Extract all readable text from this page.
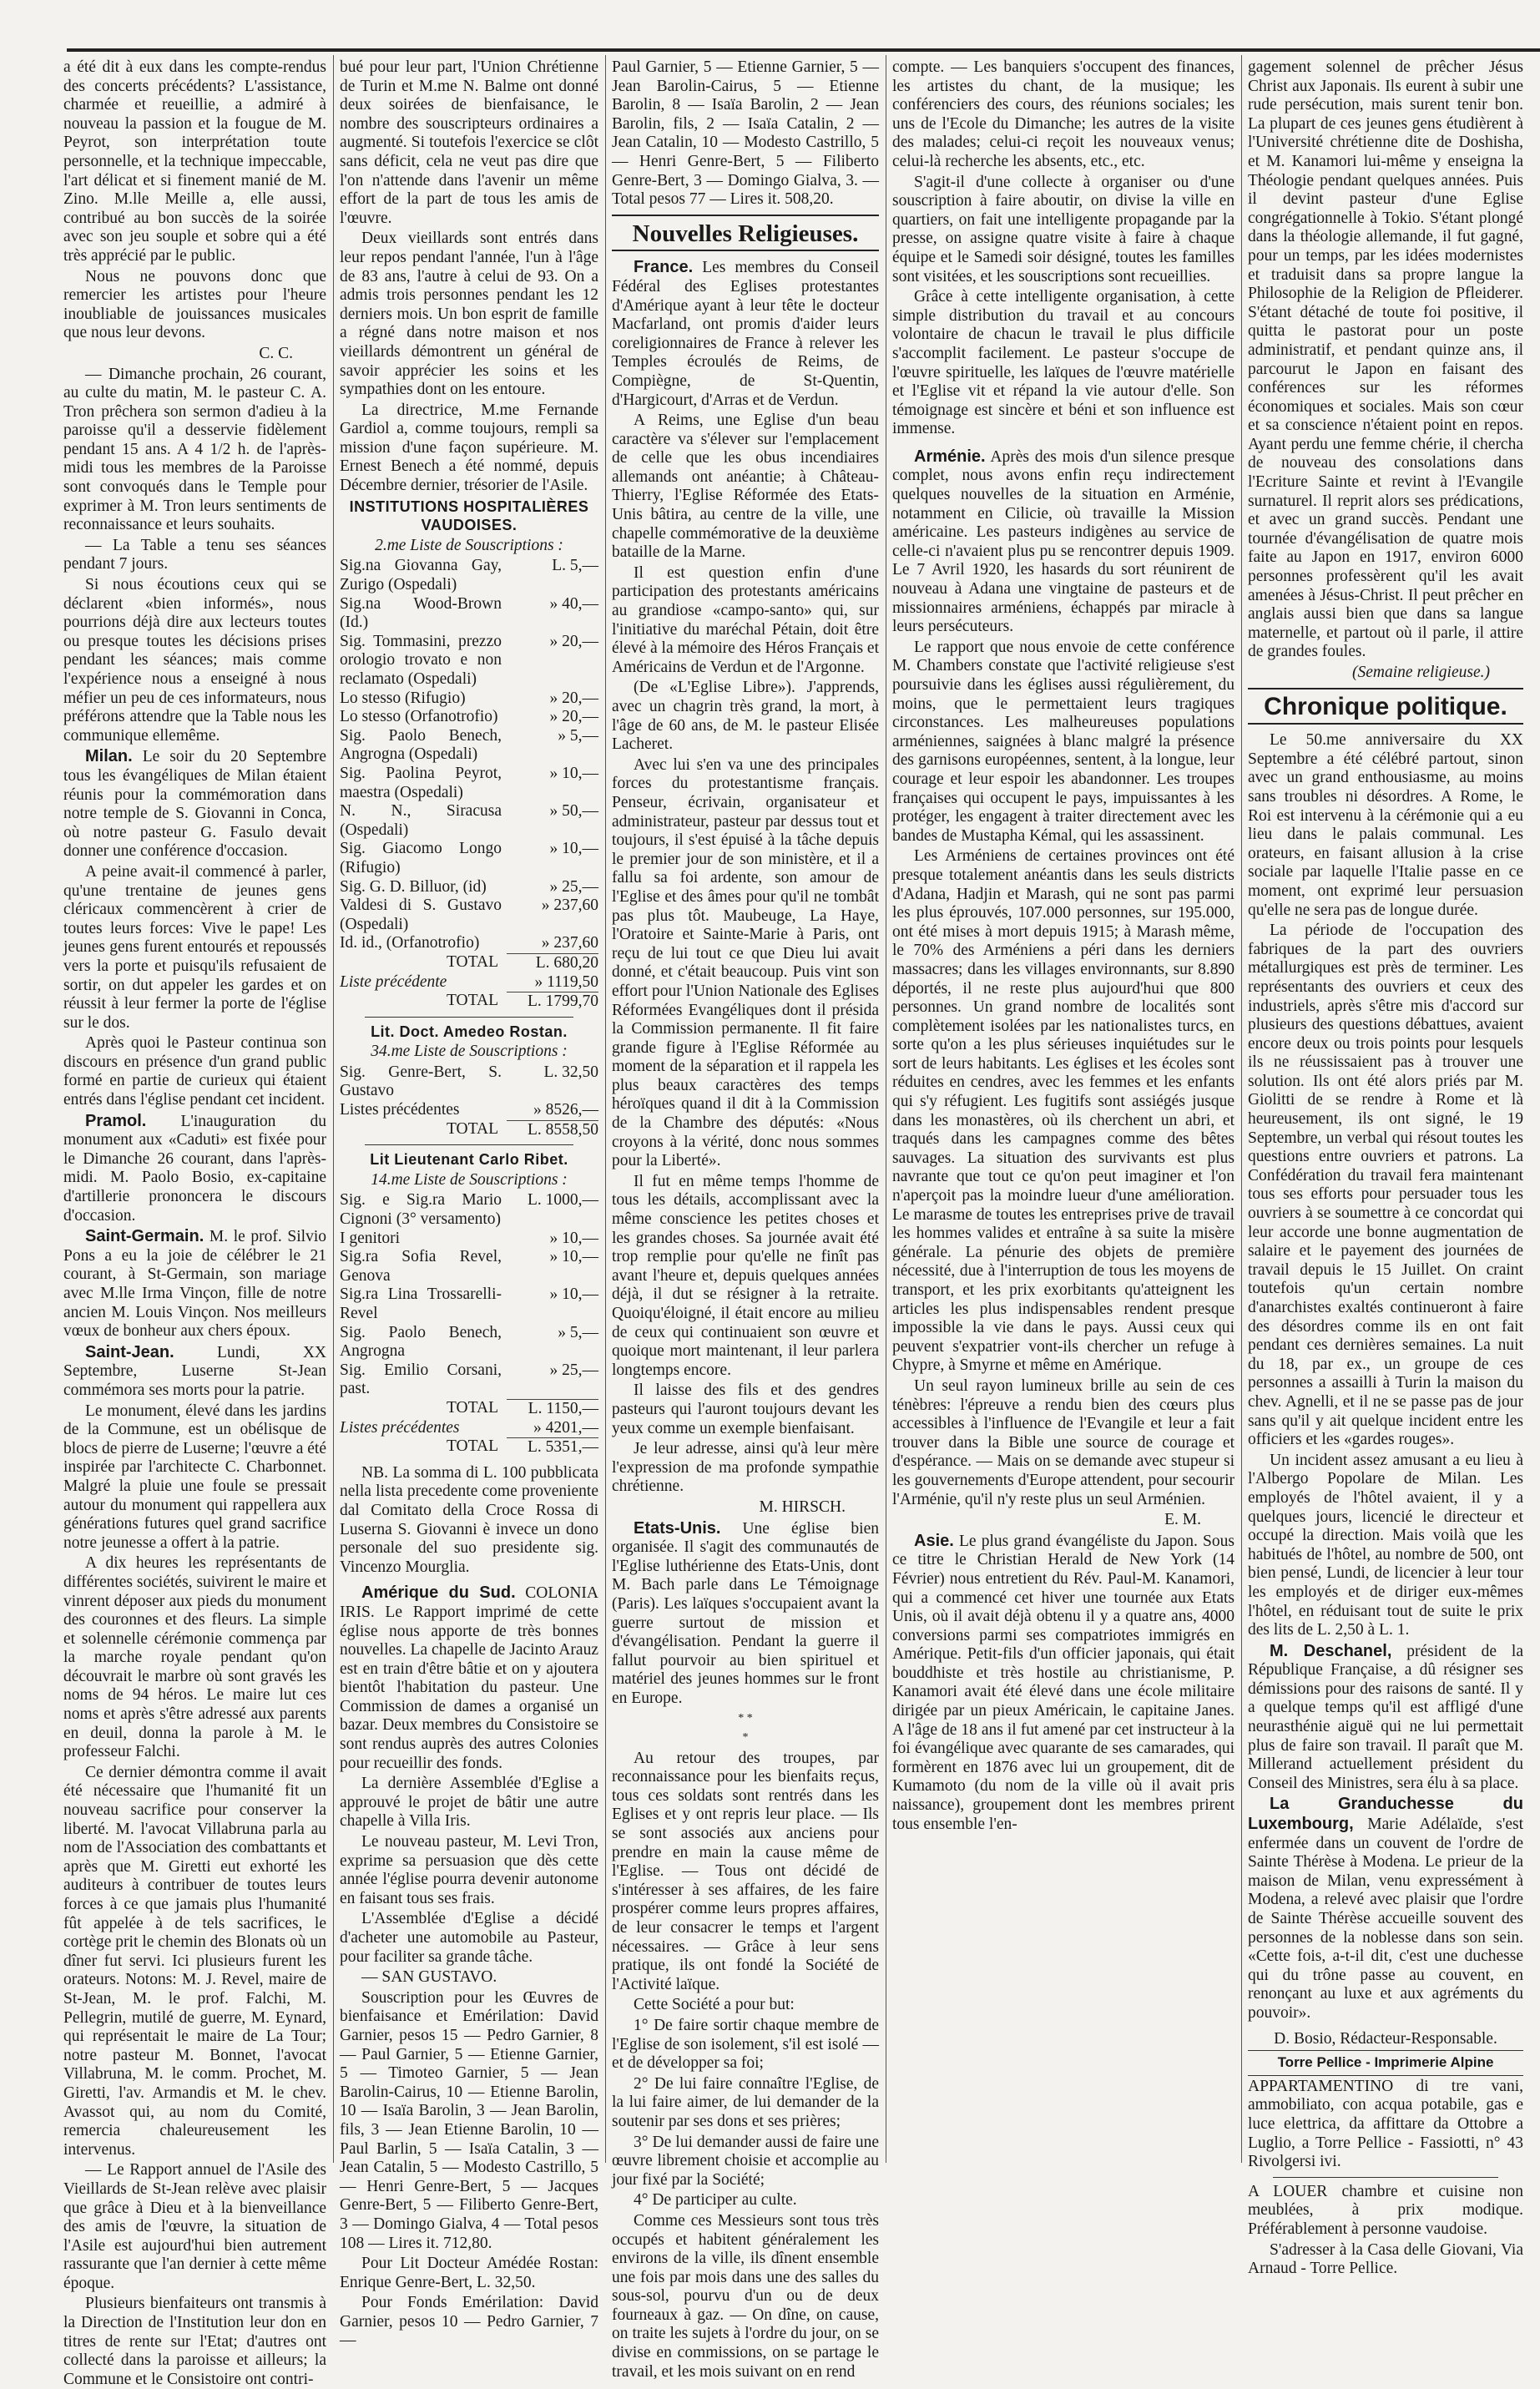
a été dit à eux dans les compte-rendus des concerts précédents? L'assistance, charmée et reueillie, a admiré à nouveau la passion et la fougue de M. Peyrot, son interprétation toute personnelle, et la technique impeccable, l'art délicat et si finement manié de M. Zino. M.lle Meille a, elle aussi, contribué au bon succès de la soirée avec son jeu souple et sobre qui a été très apprécié par le public.

Nous ne pouvons donc que remercier les artistes pour l'heure inoubliable de jouissances musicales que nous leur devons.

C. C.

— Dimanche prochain, 26 courant, au culte du matin, M. le pasteur C. A. Tron prêchera son sermon d'adieu à la paroisse qu'il a desservie fidèlement pendant 15 ans. A 4 1/2 h. de l'après-midi tous les membres de la Paroisse sont convoqués dans le Temple pour exprimer à M. Tron leurs sentiments de reconnaissance et leurs souhaits.

— La Table a tenu ses séances pendant 7 jours.

Si nous écoutions ceux qui se déclarent «bien informés», nous pourrions déjà dire aux lecteurs toutes ou presque toutes les décisions prises pendant les séances; mais comme l'expérience nous a enseigné à nous méfier un peu de ces informateurs, nous préférons attendre que la Table nous les communique ellemême.

Milan. Le soir du 20 Septembre tous les évangéliques de Milan étaient réunis pour la commémoration dans notre temple de S. Giovanni in Conca, où notre pasteur G. Fasulo devait donner une conférence d'occasion.

A peine avait-il commencé à parler, qu'une trentaine de jeunes gens cléricaux commencèrent à crier de toutes leurs forces: Vive le pape! Les jeunes gens furent entourés et repoussés vers la porte et puisqu'ils refusaient de sortir, on dut appeler les gardes et on réussit à leur fermer la porte de l'église sur le dos.

Après quoi le Pasteur continua son discours en présence d'un grand public formé en partie de curieux qui étaient entrés dans l'église pendant cet incident.

Pramol. L'inauguration du monument aux «Caduti» est fixée pour le Dimanche 26 courant, dans l'après-midi. M. Paolo Bosio, ex-capitaine d'artillerie prononcera le discours d'occasion.

Saint-Germain. M. le prof. Silvio Pons a eu la joie de célébrer le 21 courant, à St-Germain, son mariage avec M.lle Irma Vinçon, fille de notre ancien M. Louis Vinçon. Nos meilleurs vœux de bonheur aux chers époux.

Saint-Jean.	Lundi, XX Septembre, Luserne St-Jean commémora ses morts pour la patrie.

Le monument, élevé dans les jardins de la Commune, est un obélisque de blocs de pierre de Luserne; l'œuvre a été inspirée par l'architecte C. Charbonnet. Malgré la pluie une foule se pressait autour du monument qui rappellera aux générations futures quel grand sacrifice notre jeunesse a offert à la patrie.

A dix heures les représentants de différentes sociétés, suivirent le maire et vinrent déposer aux pieds du monument des couronnes et des fleurs. La simple et solennelle cérémonie commença par la marche royale pendant qu'on découvrait le marbre où sont gravés les noms de 94 héros. Le maire lut ces noms et après s'être adressé aux parents en deuil, donna la parole à M. le professeur Falchi.

Ce dernier démontra comme il avait été nécessaire que l'humanité fit un nouveau sacrifice pour conserver la liberté. M. l'avocat Villabruna parla au nom de l'Association des combattants et après que M. Giretti eut exhorté les auditeurs à contribuer de toutes leurs forces à ce que jamais plus l'humanité fût appelée à de tels sacrifices, le cortège prit le chemin des Blonats où un dîner fut servi. Ici plusieurs furent les orateurs. Notons: M. J. Revel, maire de St-Jean, M. le prof. Falchi, M. Pellegrin, mutilé de guerre, M. Eynard, qui représentait le maire de La Tour; notre pasteur M. Bonnet, l'avocat Villabruna, M. le comm. Prochet, M. Giretti, l'av. Armandis et M. le chev. Avassot qui, au nom du Comité, remercia chaleureusement les intervenus.

— Le Rapport annuel de l'Asile des Vieillards de St-Jean relève avec plaisir que grâce à Dieu et à la bienveillance des amis de l'œuvre, la situation de l'Asile est aujourd'hui bien autrement rassurante que l'an dernier à cette même époque.

Plusieurs bienfaiteurs ont transmis à la Direction de l'Institution leur don en titres de rente sur l'Etat; d'autres ont collecté dans la paroisse et ailleurs; la Commune et le Consistoire ont contri-

bué pour leur part, l'Union Chrétienne de Turin et M.me N. Balme ont donné deux soirées de bienfaisance, le nombre des souscripteurs ordinaires a augmenté. Si toutefois l'exercice se clôt sans déficit, cela ne veut pas dire que l'on n'attende dans l'avenir un même effort de la part de tous les amis de l'œuvre.

Deux vieillards sont entrés dans leur repos pendant l'année, l'un à l'âge de 83 ans, l'autre à celui de 93. On a admis trois personnes pendant les 12 derniers mois. Un bon esprit de famille a régné dans notre maison et nos vieillards démontrent un général de savoir apprécier les soins et les sympathies dont on les entoure.

La directrice, M.me Fernande Gardiol a, comme toujours, rempli sa mission d'une façon supérieure. M. Ernest Benech a été nommé, depuis Décembre dernier, trésorier de l'Asile.

INSTITUTIONS HOSPITALIÈRES VAUDOISES.

2.me Liste de Souscriptions :

Sig.na Giovanna Gay, Zurigo (Ospedali)
L. 5,—
Sig.na Wood-Brown (Id.)
» 40,—
Sig. Tommasini, prezzo orologio trovato e non reclamato (Ospedali)
» 20,—
Lo stesso (Rifugio)	» 20,—
Lo stesso (Orfanotrofio)	» 20,—
Sig. Paolo Benech, Angrogna (Ospedali)
» 5,—
Sig. Paolina Peyrot, maestra (Ospedali)
» 10,—
N. N., Siracusa (Ospedali)
» 50,—
Sig. Giacomo Longo (Rifugio)
» 10,—
Sig. G. D. Billuor, (id)	» 25,—
Valdesi di S. Gustavo (Ospedali)
» 237,60
Id. id., (Orfanotrofio)	» 237,60
TOTAL	L. 680,20
Liste précédente	» 1119,50
TOTAL	L. 1799,70

Lit. Doct. Amedeo Rostan.

34.me Liste de Souscriptions :

Sig. Genre-Bert, S. Gustavo
L. 32,50
Listes précédentes	» 8526,—
TOTAL	L. 8558,50

Lit Lieutenant Carlo Ribet.

14.me Liste de Souscriptions :

Sig. e Sig.ra Mario Cignoni (3° versamento)
L. 1000,—
I genitori	» 10,—
Sig.ra Sofia Revel, Genova
» 10,—
Sig.ra Lina Trossarelli-Revel
» 10,—
Sig. Paolo Benech, Angrogna
» 5,—
Sig. Emilio Corsani, past.
» 25,—
TOTAL	L. 1150,—
Listes précédentes	» 4201,—
TOTAL	L. 5351,—

NB. La somma di L. 100 pubblicata nella lista precedente come proveniente dal Comitato della Croce Rossa di Luserna S. Giovanni è invece un dono personale del suo presidente sig. Vincenzo Mourglia.

Amérique du Sud. COLONIA IRIS. Le Rapport imprimé de cette église nous apporte de très bonnes nouvelles. La chapelle de Jacinto Arauz est en train d'être bâtie et on y ajoutera bientôt l'habitation du pasteur. Une Commission de dames a organisé un bazar. Deux membres du Consistoire se sont rendus auprès des autres Colonies pour recueillir des fonds.

La dernière Assemblée d'Eglise a approuvé le projet de bâtir une autre chapelle à Villa Iris.

Le nouveau pasteur, M. Levi Tron, exprime sa persuasion que dès cette année l'église pourra devenir autonome en faisant tous ses frais.

L'Assemblée d'Eglise a décidé d'acheter une automobile au Pasteur, pour faciliter sa grande tâche.

— SAN GUSTAVO.

Souscription pour les Œuvres de bienfaisance et Emérilation: David Garnier, pesos 15 — Pedro Garnier, 8 — Paul Garnier, 5 — Etienne Garnier, 5 — Timoteo Garnier, 5 — Jean Barolin-Cairus, 10 — Etienne Barolin, 10 — Isaïa Barolin, 3 — Jean Barolin, fils, 3 — Jean Etienne Barolin, 10 — Paul Barlin, 5 — Isaïa Catalin, 3 — Jean Catalin, 5 — Modesto Castrillo, 5 — Henri Genre-Bert, 5 — Jacques Genre-Bert, 5 — Filiberto Genre-Bert, 3 — Domingo Gialva, 4 — Total pesos 108 — Lires it. 712,80.

Pour Lit Docteur Amédée Rostan: Enrique Genre-Bert, L. 32,50.

Pour Fonds Emérilation: David Garnier, pesos 10 — Pedro Garnier, 7 —

Paul Garnier, 5 — Etienne Garnier, 5 — Jean Barolin-Cairus, 5 — Etienne Barolin, 8 — Isaïa Barolin, 2 — Jean Barolin, fils, 2 — Isaïa Catalin, 2 — Jean Catalin, 10 — Modesto Castrillo, 5 — Henri Genre-Bert, 5 — Filiberto Genre-Bert, 3 — Domingo Gialva, 3. — Total pesos 77 — Lires it. 508,20.

Nouvelles Religieuses.

France. Les membres du Conseil Fédéral des Eglises protestantes d'Amérique ayant à leur tête le docteur Macfarland, ont promis d'aider leurs coreligionnaires de France à relever les Temples écroulés de Reims, de Compiègne, de St-Quentin, d'Hargicourt, d'Arras et de Verdun.

A Reims, une Eglise d'un beau caractère va s'élever sur l'emplacement de celle que les obus incendiaires allemands ont anéantie; à Château-Thierry, l'Eglise Réformée des Etats-Unis bâtira, au centre de la ville, une chapelle commémorative de la deuxième bataille de la Marne.

Il est question enfin d'une participation des protestants américains au grandiose «campo-santo» qui, sur l'initiative du maréchal Pétain, doit être élevé à la mémoire des Héros Français et Américains de Verdun et de l'Argonne.

(De «L'Eglise Libre»). J'apprends, avec un chagrin très grand, la mort, à l'âge de 60 ans, de M. le pasteur Elisée Lacheret.

Avec lui s'en va une des principales forces du protestantisme français. Penseur, écrivain, organisateur et administrateur, pasteur par dessus tout et toujours, il s'est épuisé à la tâche depuis le premier jour de son ministère, et il a fallu sa foi ardente, son amour de l'Eglise et des âmes pour qu'il ne tombât pas plus tôt. Maubeuge, La Haye, l'Oratoire et Sainte-Marie à Paris, ont reçu de lui tout ce que Dieu lui avait donné, et c'était beaucoup. Puis vint son effort pour l'Union Nationale des Eglises Réformées Evangéliques dont il présida la Commission permanente. Il fit faire grande figure à l'Eglise Réformée au moment de la séparation et il rappela les plus beaux caractères des temps héroïques quand il dit à la Commission de la Chambre des députés: «Nous croyons à la vérité, donc nous sommes pour la Liberté».

Il fut en même temps l'homme de tous les détails, accomplissant avec la même conscience les petites choses et les grandes choses. Sa journée avait été trop remplie pour qu'elle ne finît pas avant l'heure et, depuis quelques années déjà, il dut se résigner à la retraite. Quoiqu'éloigné, il était encore au milieu de ceux qui continuaient son œuvre et quoique mort maintenant, il leur parlera longtemps encore.

Il laisse des fils et des gendres pasteurs qui l'auront toujours devant les yeux comme un exemple bienfaisant.

Je leur adresse, ainsi qu'à leur mère l'expression de ma profonde sympathie chrétienne.

M. HIRSCH.

Etats-Unis. Une église bien organisée. Il s'agit des communautés de l'Eglise luthérienne des Etats-Unis, dont M. Bach parle dans Le Témoignage (Paris). Les laïques s'occupaient avant la guerre surtout de mission et d'évangélisation. Pendant la guerre il fallut pourvoir au bien spirituel et matériel des jeunes hommes sur le front en Europe.

* *
*

Au retour des troupes, par reconnaissance pour les bienfaits reçus, tous ces soldats sont rentrés dans les Eglises et y ont repris leur place. — Ils se sont associés aux anciens pour prendre en main la cause même de l'Eglise. — Tous ont décidé de s'intéresser à ses affaires, de les faire prospérer comme leurs propres affaires, de leur consacrer le temps et l'argent nécessaires. — Grâce à leur sens pratique, ils ont fondé la Société de l'Activité laïque.

Cette Société a pour but:

1° De faire sortir chaque membre de l'Eglise de son isolement, s'il est isolé — et de développer sa foi;

2° De lui faire connaître l'Eglise, de la lui faire aimer, de lui demander de la soutenir par ses dons et ses prières;

3° De lui demander aussi de faire une œuvre librement choisie et accomplie au jour fixé par la Société;

4° De participer au culte.

Comme ces Messieurs sont tous très occupés et habitent généralement les environs de la ville, ils dînent ensemble une fois par mois dans une des salles du sous-sol, pourvu d'un ou de deux fourneaux à gaz. — On dîne, on cause, on traite les sujets à l'ordre du jour, on se divise en commissions, on se partage le travail, et les mois suivant on en rend

compte. — Les banquiers s'occupent des finances, les artistes du chant, de la musique; les conférenciers des cours, des réunions sociales; les uns de l'Ecole du Dimanche; les autres de la visite des malades; celui-ci reçoit les nouveaux venus; celui-là recherche les absents, etc., etc.

S'agit-il d'une collecte à organiser ou d'une souscription à faire aboutir, on divise la ville en quartiers, on fait une intelligente propagande par la presse, on assigne quatre visite à faire à chaque équipe et le Samedi soir désigné, toutes les familles sont visitées, et les souscriptions sont recueillies.

Grâce à cette intelligente organisation, à cette simple distribution du travail et au concours volontaire de chacun le travail le plus difficile s'accomplit facilement. Le pasteur s'occupe de l'œuvre spirituelle, les laïques de l'œuvre matérielle et l'Eglise vit et répand la vie autour d'elle. Son témoignage est sincère et béni et son influence est immense.

Arménie. Après des mois d'un silence presque complet, nous avons enfin reçu indirectement quelques nouvelles de la situation en Arménie, notamment en Cilicie, où travaille la Mission américaine. Les pasteurs indigènes au service de celle-ci n'avaient plus pu se rencontrer depuis 1909. Le 7 Avril 1920, les hasards du sort réunirent de nouveau à Adana une vingtaine de pasteurs et de missionnaires arméniens, échappés par miracle à leurs persécuteurs.

Le rapport que nous envoie de cette conférence M. Chambers constate que l'activité religieuse s'est poursuivie dans les églises aussi régulièrement, du moins, que le permettaient leurs tragiques circonstances. Les malheureuses populations arméniennes, saignées à blanc malgré la présence des garnisons européennes, sentent, à la longue, leur courage et leur espoir les abandonner. Les troupes françaises qui occupent le pays, impuissantes à les protéger, les engagent à traiter directement avec les bandes de Mustapha Kémal, qui les assassinent.

Les Arméniens de certaines provinces ont été presque totalement anéantis dans les seuls districts d'Adana, Hadjin et Marash, qui ne sont pas parmi les plus éprouvés, 107.000 personnes, sur 195.000, ont été mises à mort depuis 1915; à Marash même, le 70% des Arméniens a péri dans les derniers massacres; dans les villages environnants, sur 8.890 déportés, il ne reste plus aujourd'hui que 800 personnes. Un grand nombre de localités sont complètement isolées par les nationalistes turcs, en sorte qu'on a les plus sérieuses inquiétudes sur le sort de leurs habitants. Les églises et les écoles sont réduites en cendres, avec les femmes et les enfants qui s'y réfugient. Les fugitifs sont assiégés jusque dans les monastères, où ils cherchent un abri, et traqués dans les campagnes comme des bêtes sauvages. La situation des survivants est plus navrante que tout ce qu'on peut imaginer et l'on n'aperçoit pas la moindre lueur d'une amélioration. Le marasme de toutes les entreprises prive de travail les hommes valides et entraîne à sa suite la misère générale. La pénurie des objets de première nécessité, due à l'interruption de tous les moyens de transport, et les prix exorbitants qu'atteignent les articles les plus indispensables rendent presque impossible la vie dans le pays. Aussi ceux qui peuvent s'expatrier vont-ils chercher un refuge à Chypre, à Smyrne et même en Amérique.

Un seul rayon lumineux brille au sein de ces ténèbres: l'épreuve a rendu bien des cœurs plus accessibles à l'influence de l'Evangile et leur a fait trouver dans la Bible une source de courage et d'espérance. — Mais on se demande avec stupeur si les gouvernements d'Europe attendent, pour secourir l'Arménie, qu'il n'y reste plus un seul Arménien.

E. M.

Asie. Le plus grand évangéliste du Japon. Sous ce titre le Christian Herald de New York (14 Février) nous entretient du Rév. Paul-M. Kanamori, qui a commencé cet hiver une tournée aux Etats Unis, où il avait déjà obtenu il y a quatre ans, 4000 conversions parmi ses compatriotes immigrés en Amérique. Petit-fils d'un officier japonais, qui était bouddhiste et très hostile au christianisme, P. Kanamori avait été élevé dans une école militaire dirigée par un pieux Américain, le capitaine Janes. A l'âge de 18 ans il fut amené par cet instructeur à la foi évangélique avec quarante de ses camarades, qui formèrent en 1876 avec lui un groupement, dit de Kumamoto (du nom de la ville où il avait pris naissance), groupement dont les membres prirent tous ensemble l'en-

gagement solennel de prêcher Jésus Christ aux Japonais. Ils eurent à subir une rude persécution, mais surent tenir bon. La plupart de ces jeunes gens étudièrent à l'Université chrétienne dite de Doshisha, et M. Kanamori lui-même y enseigna la Théologie pendant quelques années. Puis il devint pasteur d'une Eglise congrégationnelle à Tokio. S'étant plongé dans la théologie allemande, il fut gagné, pour un temps, par les idées modernistes et traduisit dans sa propre langue la Philosophie de la Religion de Pfleiderer. S'étant détaché de toute foi positive, il quitta le pastorat pour un poste administratif, et pendant quinze ans, il parcourut le Japon en faisant des conférences sur les réformes économiques et sociales. Mais son cœur et sa conscience n'étaient point en repos. Ayant perdu une femme chérie, il chercha de nouveau des consolations dans l'Ecriture Sainte et revint à l'Evangile surnaturel. Il reprit alors ses prédications, et avec un grand succès. Pendant une tournée d'évangélisation de quatre mois faite au Japon en 1917, environ 6000 personnes professèrent qu'il les avait amenées à Jésus-Christ. Il peut prêcher en anglais aussi bien que dans sa langue maternelle, et partout où il parle, il attire de grandes foules.

(Semaine religieuse.)

Chronique politique.

Le 50.me anniversaire du XX Septembre a été célébré partout, sinon avec un grand enthousiasme, au moins sans troubles ni désordres. A Rome, le Roi est intervenu à la cérémonie qui a eu lieu dans le palais communal. Les orateurs, en faisant allusion à la crise sociale par laquelle l'Italie passe en ce moment, ont exprimé leur persuasion qu'elle ne sera pas de longue durée.

La période de l'occupation des fabriques de la part des ouvriers métallurgiques est près de terminer. Les représentants des ouvriers et ceux des industriels, après s'être mis d'accord sur plusieurs des questions débattues, avaient encore deux ou trois points pour lesquels ils ne réussissaient pas à trouver une solution. Ils ont été alors priés par M. Giolitti de se rendre à Rome et là heureusement, ils ont signé, le 19 Septembre, un verbal qui résout toutes les questions entre ouvriers et patrons. La Confédération du travail fera maintenant tous ses efforts pour persuader tous les ouvriers à se soumettre à ce concordat qui leur accorde une bonne augmentation de salaire et le payement des journées de travail depuis le 15 Juillet. On craint toutefois qu'un certain nombre d'anarchistes exaltés continueront à faire des désordres comme ils en ont fait pendant ces dernières semaines. La nuit du 18, par ex., un groupe de ces personnes a assailli à Turin la maison du chev. Agnelli, et il ne se passe pas de jour sans qu'il y ait quelque incident entre les officiers et les «gardes rouges».

Un incident assez amusant a eu lieu à l'Albergo Popolare de Milan. Les employés de l'hôtel avaient, il y a quelques jours, licencié le directeur et occupé la direction. Mais voilà que les habitués de l'hôtel, au nombre de 500, ont bien pensé, Lundi, de licencier à leur tour les employés et de diriger eux-mêmes l'hôtel, en réduisant tout de suite le prix des lits de L. 2,50 à L. 1.

M. Deschanel, président de la République Française, a dû résigner ses démissions pour des raisons de santé. Il y a quelque temps qu'il est affligé d'une neurasthénie aiguë qui ne lui permettait plus de faire son travail. Il paraît que M. Millerand actuellement président du Conseil des Ministres, sera élu à sa place.

La Granduchesse du Luxembourg, Marie Adélaïde, s'est enfermée dans un couvent de l'ordre de Sainte Thérèse à Modena. Le prieur de la maison de Milan, venu expressément à Modena, a relevé avec plaisir que l'ordre de Sainte Thérèse accueille souvent des personnes de la noblesse dans son sein. «Cette fois, a-t-il dit, c'est une duchesse qui du trône passe au couvent, en renonçant au luxe et aux agréments du pouvoir».

D. Bosio, Rédacteur-Responsable.

Torre Pellice - Imprimerie Alpine

APPARTAMENTINO di tre vani, ammobiliato, con acqua potabile, gas e luce elettrica, da affittare da Ottobre a Luglio, a Torre Pellice - Fassiotti, n° 43 Rivolgersi ivi.

A LOUER chambre et cuisine non meublées, à prix modique. Préférablement à personne vaudoise.

S'adresser à la Casa delle Giovani, Via Arnaud - Torre Pellice.
